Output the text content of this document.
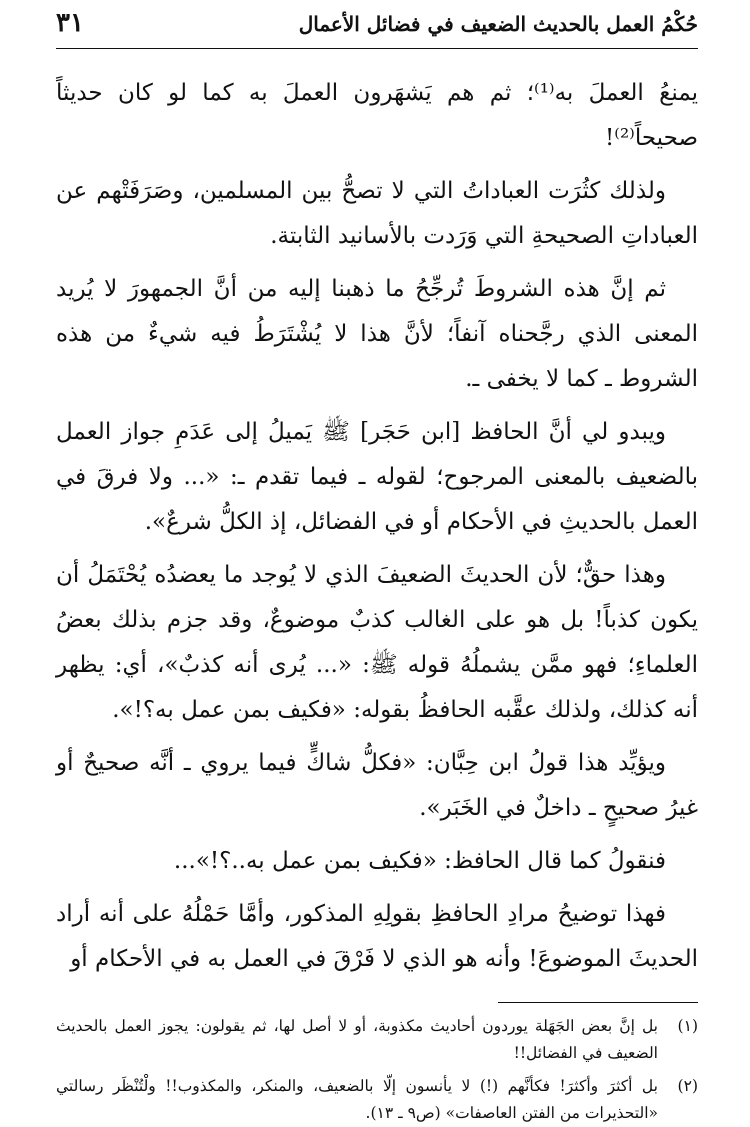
حُكْمُ العمل بالحديث الضعيف في فضائل الأعمال
٣١

يمنعُ العملَ به⁽¹⁾؛ ثم هم يَشهَرون العملَ به كما لو كان حديثاً صحيحاً⁽²⁾!

ولذلك كثُرَت العباداتُ التي لا تصحُّ بين المسلمين، وصَرَفَتْهم عن العباداتِ الصحيحةِ التي وَرَدت بالأسانيد الثابتة.

ثم إنَّ هذه الشروطَ تُرجِّحُ ما ذهبنا إليه من أنَّ الجمهورَ لا يُريد المعنى الذي رجَّحناه آنفاً؛ لأنَّ هذا لا يُشْتَرَطُ فيه شيءٌ من هذه الشروط ـ كما لا يخفى ـ.

ويبدو لي أنَّ الحافظ [ابن حَجَر] ﷺ يَميلُ إلى عَدَمِ جواز العمل بالضعيف بالمعنى المرجوح؛ لقوله ـ فيما تقدم ـ: «... ولا فرقَ في العمل بالحديثِ في الأحكام أو في الفضائل، إذ الكلُّ شرعٌ».

وهذا حقٌّ؛ لأن الحديثَ الضعيفَ الذي لا يُوجد ما يعضدُه يُحْتَمَلُ أن يكون كذباً! بل هو على الغالب كذبٌ موضوعٌ، وقد جزم بذلك بعضُ العلماءِ؛ فهو ممَّن يشملُهُ قوله ﷺ: «... يُرى أنه كذبٌ»، أي: يظهر أنه كذلك، ولذلك عقَّبه الحافظُ بقوله: «فكيف بمن عمل به؟!».

ويؤيِّد هذا قولُ ابن حِبَّان: «فكلُّ شاكٍّ فيما يروي ـ أنَّه صحيحٌ أو غيرُ صحيحٍ ـ داخلٌ في الخَبَر».

فنقولُ كما قال الحافظ: «فكيف بمن عمل به..؟!»...

فهذا توضيحُ مرادِ الحافظِ بقولِهِ المذكور، وأمَّا حَمْلُهُ على أنه أراد الحديثَ الموضوعَ! وأنه هو الذي لا فَرْقَ في العمل به في الأحكام أو

(١)
بل إنَّ بعض الجَهَلة يوردون أحاديث مكذوبة، أو لا أصل لها، ثم يقولون: يجوز العمل بالحديث الضعيف في الفضائل!!
(٢)
بل أكثرَ وأكثرَ! فكأنَّهم (!) لا يأنسون إلّا بالضعيف، والمنكر، والمكذوب!! ولْتُنْظَر رسالتي «التحذيرات من الفتن العاصفات» (ص٩ ـ ١٣).
